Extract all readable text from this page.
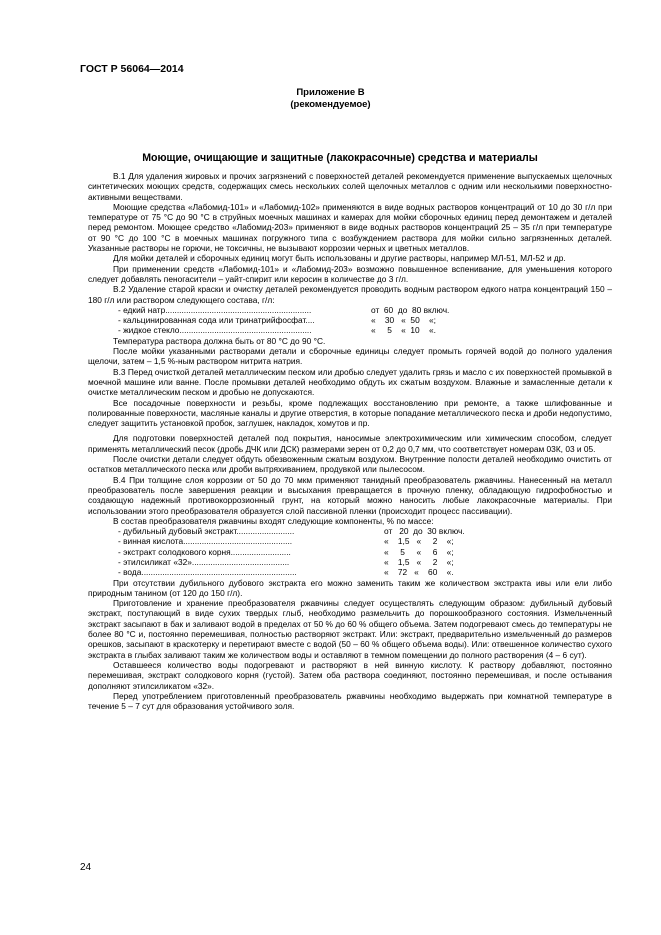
ГОСТ Р 56064—2014
Приложение В
(рекомендуемое)
Моющие, очищающие и защитные (лакокрасочные) средства и материалы

В.1 Для удаления жировых и прочих загрязнений с поверхностей деталей рекомендуется применение выпускаемых щелочных синтетических моющих средств, содержащих смесь нескольких солей щелочных металлов с одним или несколькими поверхностно-активными веществами.

Моющие средства «Лабомид-101» и «Лабомид-102» применяются в виде водных растворов концентраций от 10 до 30 г/л при температуре от 75 °С до 90 °С в струйных моечных машинах и камерах для мойки сборочных единиц перед демонтажем и деталей перед ремонтом. Моющее средство «Лабомид-203» применяют в виде водных растворов концентраций 25 – 35 г/л при температуре от 90 °С до 100 °С в моечных машинах погружного типа с возбуждением раствора для мойки сильно загрязненных деталей. Указанные растворы не горючи, не токсичны, не вызывают коррозии черных и цветных металлов.

Для мойки деталей и сборочных единиц могут быть использованы и другие растворы, например МЛ-51, МЛ-52 и др.

При применении средств «Лабомид-101» и «Лабомид-203» возможно повышенное вспенивание, для уменьшения которого следует добавлять пеногасители – уайт-спирит или керосин в количестве до 3 г/л.

В.2 Удаление старой краски и очистку деталей рекомендуется проводить водным раствором едкого натра концентраций 150 – 180 г/л или раствором следующего состава, г/л:

- едкий натр...............................................................	от  60  до  80 включ.
- кальцинированная сода или тринатрийфосфат....	«    30   «  50    «;
- жидкое стекло.........................................................	«     5    «  10    «.

Температура раствора должна быть от 80 °С до 90 °С.

После мойки указанными растворами детали и сборочные единицы следует промыть горячей водой до полного удаления щелочи, затем – 1,5 %-ным раствором нитрита натрия.

В.3 Перед очисткой деталей металлическим песком или дробью следует удалить грязь и масло с их поверхностей промывкой в моечной машине или ванне. После промывки деталей необходимо обдуть их сжатым воздухом. Влажные и замасленные детали к очистке металлическим песком и дробью не допускаются.

Все посадочные поверхности и резьбы, кроме подлежащих восстановлению при ремонте, а также шлифованные и полированные поверхности, масляные каналы и другие отверстия, в которые попадание металлического песка и дроби недопустимо, следует защитить установкой пробок, заглушек, накладок, хомутов и пр.

Для подготовки поверхностей деталей под покрытия, наносимые электрохимическим или химическим способом, следует применять металлический песок (дробь ДЧК или ДСК) размерами зерен от 0,2 до 0,7 мм, что соответствует номерам 03К, 03 и 05.

После очистки детали следует обдуть обезвоженным сжатым воздухом. Внутренние полости деталей необходимо очистить от остатков металлического песка или дроби вытряхиванием, продувкой или пылесосом.

В.4 При толщине слоя коррозии от 50 до 70 мкм применяют танидный преобразователь ржавчины. Нанесенный на металл преобразователь после завершения реакции и высыхания превращается в прочную пленку, обладающую гидрофобностью и создающую надежный противокоррозионный грунт, на который можно наносить любые лакокрасочные материалы. При использовании этого преобразователя образуется слой пассивной пленки (происходит процесс пассивации).

В состав преобразователя ржавчины входят следующие компоненты, % по массе:

- дубильный дубовый экстракт.........................	от   20  до  30 включ.
- винная кислота...............................................	«    1,5   «     2    «;
- экстракт солодкового корня..........................	«     5     «     6    «;
- этилсиликат «32»..........................................	«    1,5   «     2    «;
- вода...................................................................	«    72   «    60    «.

При отсутствии дубильного дубового экстракта его можно заменить таким же количеством экстракта ивы или ели либо природным танином (от 120 до 150 г/л).

Приготовление и хранение преобразователя ржавчины следует осуществлять следующим образом: дубильный дубовый экстракт, поступающий в виде сухих твердых глыб, необходимо размельчить до порошкообразного состояния. Измельченный экстракт засыпают в бак и заливают водой в пределах от 50 % до 60 % общего объема. Затем подогревают смесь до температуры не более 80 °С и, постоянно перемешивая, полностью растворяют экстракт. Или: экстракт, предварительно измельченный до размеров орешков, засыпают в краскотерку и перетирают вместе с водой (50 – 60 % общего объема воды). Или: отвешенное количество сухого экстракта в глыбах заливают таким же количеством воды и оставляют в темном помещении до полного растворения (4 – 6 сут).

Оставшееся количество воды подогревают и растворяют в ней винную кислоту. К раствору добавляют, постоянно перемешивая, экстракт солодкового корня (густой). Затем оба раствора соединяют, постоянно перемешивая, и после остывания дополняют этилсиликатом «32».

Перед употреблением приготовленный преобразователь ржавчины необходимо выдержать при комнатной температуре в течение 5 – 7 сут для образования устойчивого золя.

24
